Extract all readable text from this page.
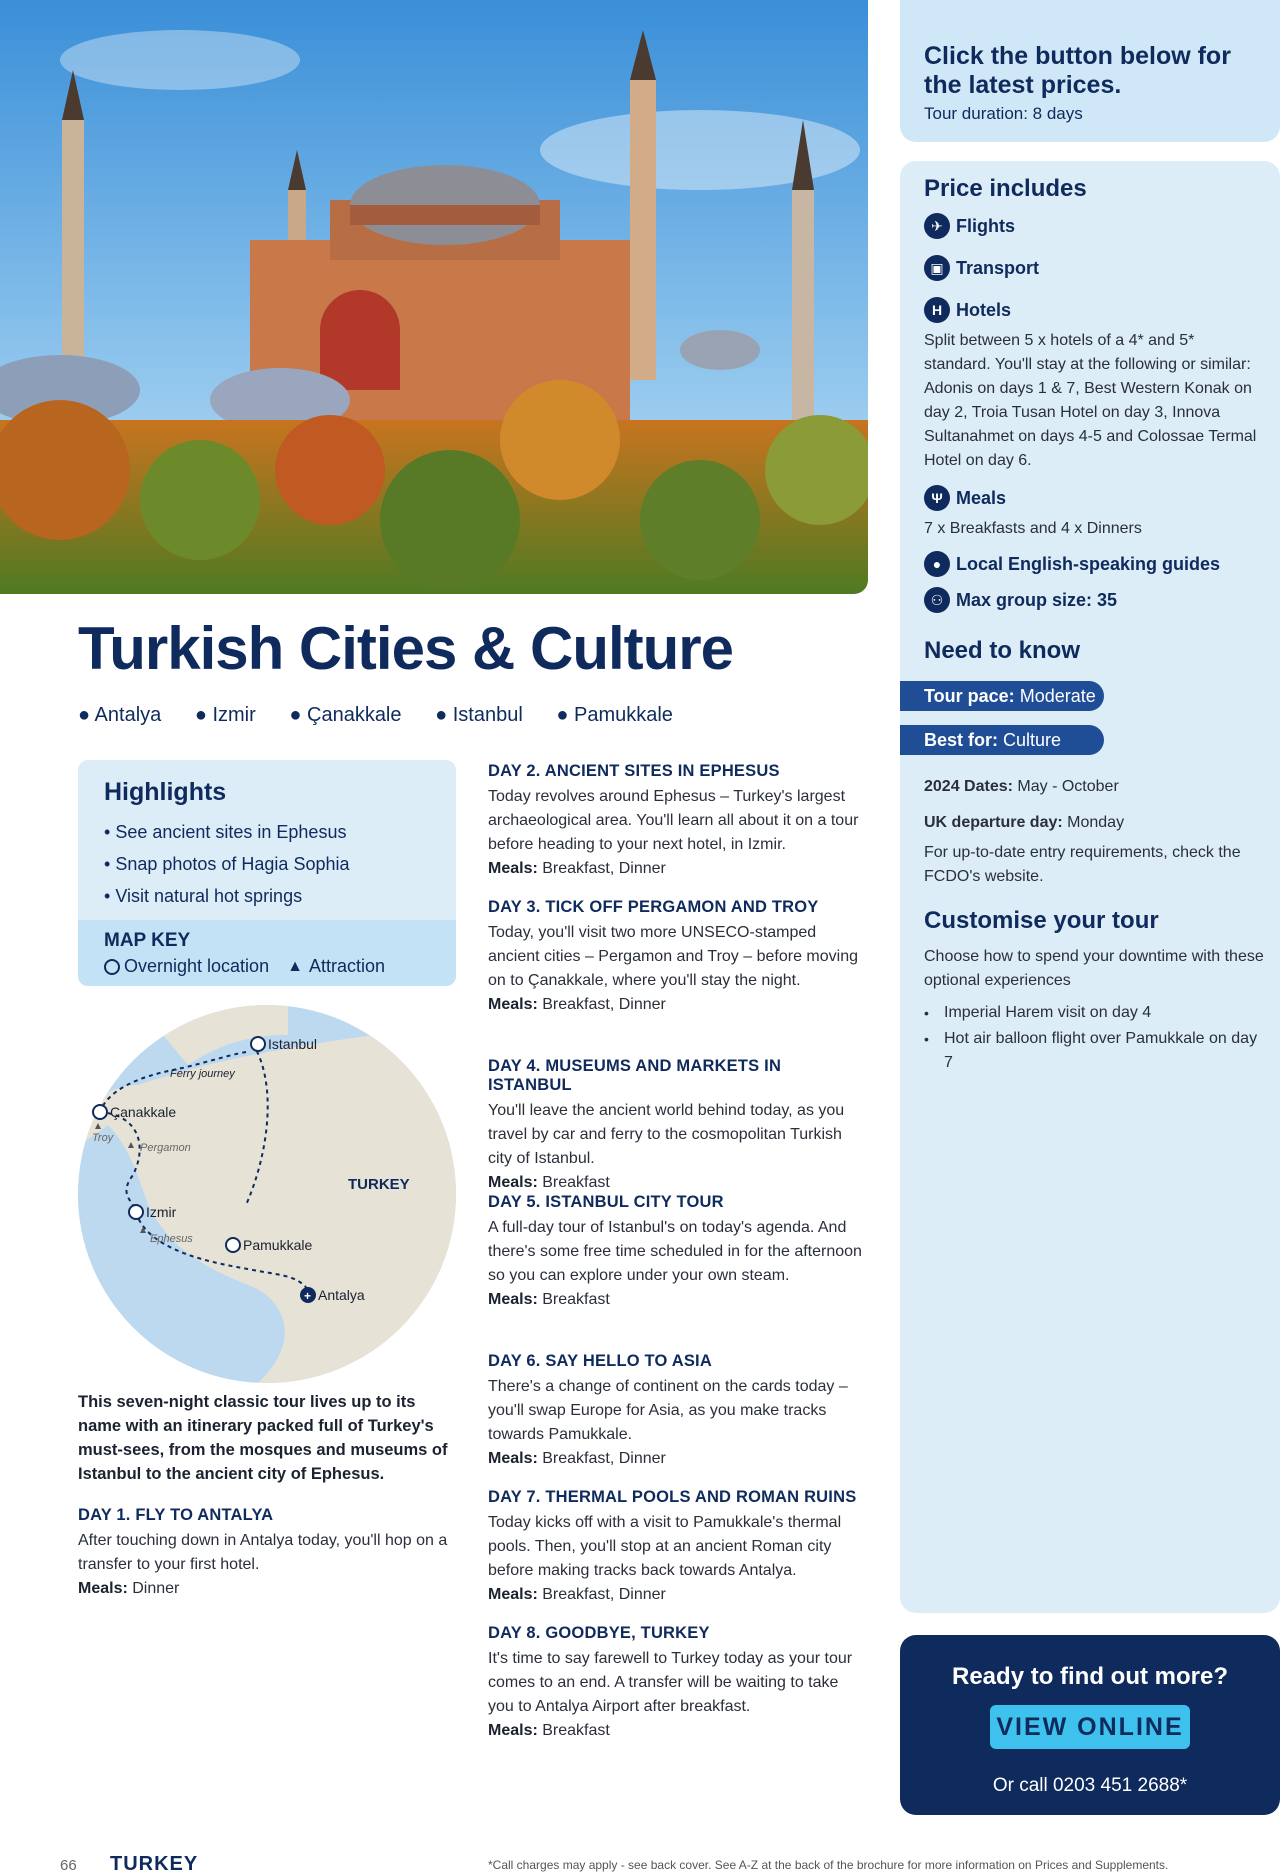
Click the button below for the latest prices.
Tour duration: 8 days
Price includes
✈ Flights
▣ Transport
H Hotels
Split between 5 x hotels of a 4* and 5* standard. You'll stay at the following or similar: Adonis on days 1 & 7, Best Western Konak on day 2, Troia Tusan Hotel on day 3, Innova Sultanahmet on days 4-5 and Colossae Termal Hotel on day 6.
Ψ Meals
7 x Breakfasts and 4 x Dinners
● Local English-speaking guides
⚇ Max group size: 35
Need to know
Tour pace: Moderate
Best for: Culture
2024 Dates: May - October
UK departure day: Monday
For up-to-date entry requirements, check the FCDO's website.
Customise your tour
Choose how to spend your downtime with these optional experiences
• Imperial Harem visit on day 4
• Hot air balloon flight over Pamukkale on day 7
Ready to find out more?
VIEW ONLINE
Or call 0203 451 2688*
Turkish Cities & Culture
● Antalya ● Izmir ● Çanakkale ● Istanbul ● Pamukkale
Highlights
• See ancient sites in Ephesus
• Snap photos of Hagia Sophia
• Visit natural hot springs
MAP KEY
Overnight location ▲ Attraction
+
Istanbul
Çanakkale
Izmir
Pamukkale
Antalya
Troy
Pergamon
Ephesus
Ferry journey
TURKEY
This seven-night classic tour lives up to its name with an itinerary packed full of Turkey's must-sees, from the mosques and museums of Istanbul to the ancient city of Ephesus.
DAY 1. FLY TO ANTALYA

After touching down in Antalya today, you'll hop on a transfer to your first hotel.

Meals: Dinner

DAY 2. ANCIENT SITES IN EPHESUS

Today revolves around Ephesus – Turkey's largest archaeological area. You'll learn all about it on a tour before heading to your next hotel, in Izmir.

Meals: Breakfast, Dinner

DAY 3. TICK OFF PERGAMON AND TROY

Today, you'll visit two more UNSECO-stamped ancient cities – Pergamon and Troy – before moving on to Çanakkale, where you'll stay the night.

Meals: Breakfast, Dinner

DAY 4. MUSEUMS AND MARKETS IN ISTANBUL

You'll leave the ancient world behind today, as you travel by car and ferry to the cosmopolitan Turkish city of Istanbul.

Meals: Breakfast

DAY 5. ISTANBUL CITY TOUR

A full-day tour of Istanbul's on today's agenda. And there's some free time scheduled in for the afternoon so you can explore under your own steam.

Meals: Breakfast

DAY 6. SAY HELLO TO ASIA

There's a change of continent on the cards today – you'll swap Europe for Asia, as you make tracks towards Pamukkale.

Meals: Breakfast, Dinner

DAY 7. THERMAL POOLS AND ROMAN RUINS

Today kicks off with a visit to Pamukkale's thermal pools. Then, you'll stop at an ancient Roman city before making tracks back towards Antalya.

Meals: Breakfast, Dinner

DAY 8. GOODBYE, TURKEY

It's time to say farewell to Turkey today as your tour comes to an end. A transfer will be waiting to take you to Antalya Airport after breakfast.

Meals: Breakfast

66 TURKEY	*Call charges may apply - see back cover. See A-Z at the back of the brochure for more information on Prices and Supplements.
